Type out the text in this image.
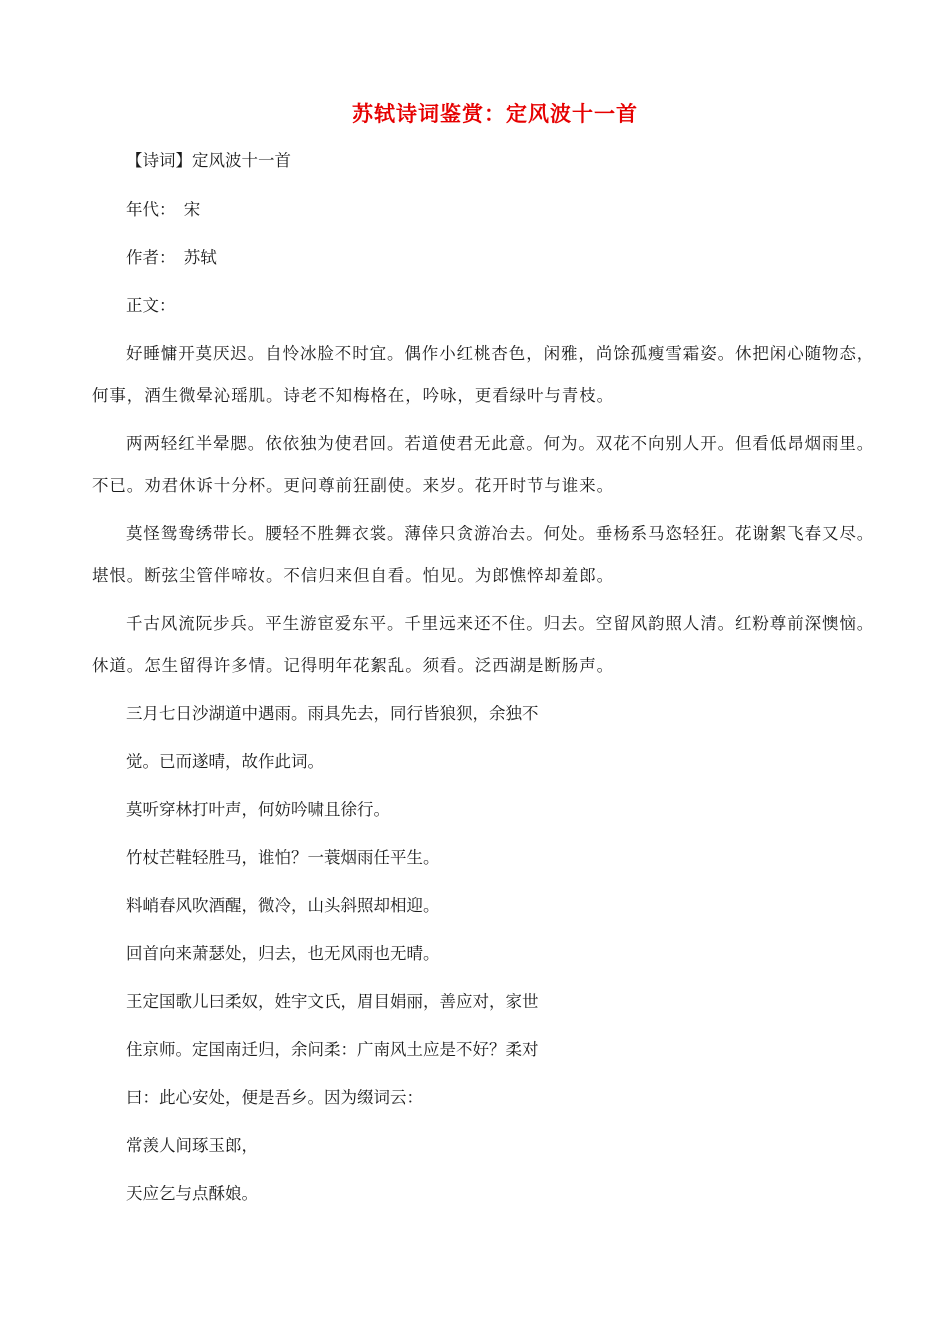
苏轼诗词鉴赏：定风波十一首
【诗词】定风波十一首
年代：　宋
作者：　苏轼
正文：
好睡慵开莫厌迟。自怜冰脸不时宜。偶作小红桃杏色，闲雅，尚馀孤瘦雪霜姿。休把闲心随物态，
何事，酒生微晕沁瑶肌。诗老不知梅格在，吟咏，更看绿叶与青枝。
两两轻红半晕腮。依依独为使君回。若道使君无此意。何为。双花不向别人开。但看低昂烟雨里。
不已。劝君休诉十分杯。更问尊前狂副使。来岁。花开时节与谁来。
莫怪鸳鸯绣带长。腰轻不胜舞衣裳。薄倖只贪游冶去。何处。垂杨系马恣轻狂。花谢絮飞春又尽。
堪恨。断弦尘管伴啼妆。不信归来但自看。怕见。为郎憔悴却羞郎。
千古风流阮步兵。平生游宦爱东平。千里远来还不住。归去。空留风韵照人清。红粉尊前深懊恼。
休道。怎生留得许多情。记得明年花絮乱。须看。泛西湖是断肠声。
三月七日沙湖道中遇雨。雨具先去，同行皆狼狈，余独不
觉。已而遂晴，故作此词。
莫听穿林打叶声，何妨吟啸且徐行。
竹杖芒鞋轻胜马，谁怕？一蓑烟雨任平生。
料峭春风吹酒醒，微冷，山头斜照却相迎。
回首向来萧瑟处，归去，也无风雨也无晴。
王定国歌儿曰柔奴，姓宇文氏，眉目娟丽，善应对，家世
住京师。定国南迁归，余问柔：广南风土应是不好？柔对
曰：此心安处，便是吾乡。因为缀词云：
常羡人间琢玉郎，
天应乞与点酥娘。
